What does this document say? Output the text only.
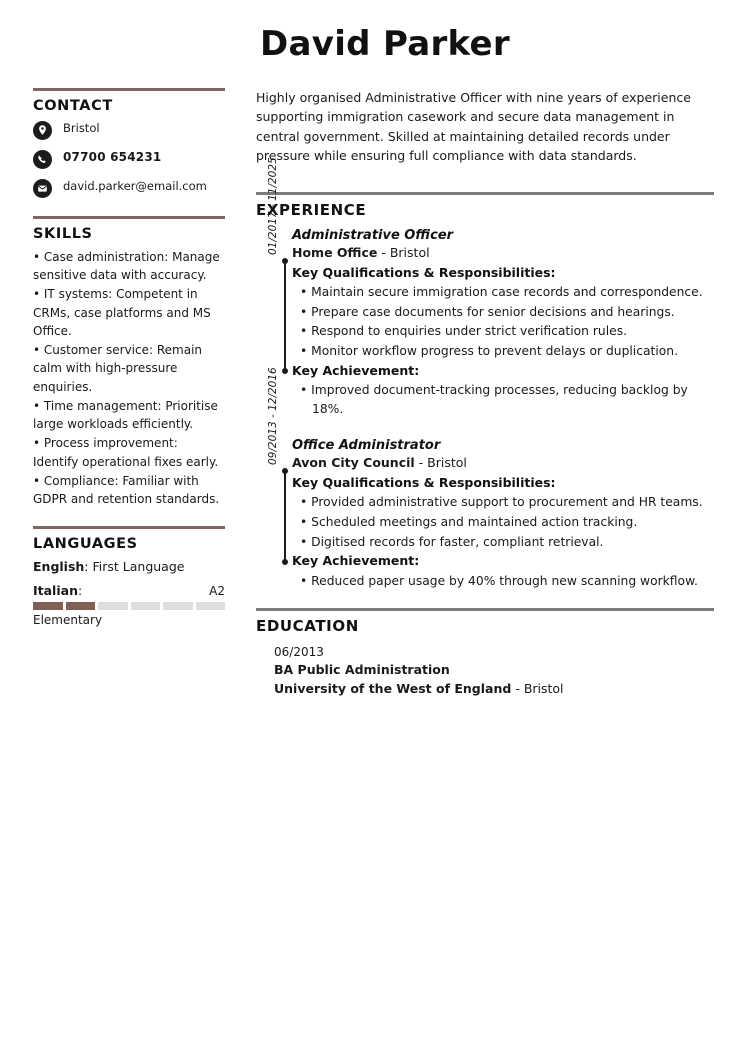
David Parker
CONTACT
Bristol
07700 654231
david.parker@email.com
SKILLS

• Case administration: Manage sensitive data with accuracy.

• IT systems: Competent in CRMs, case platforms and MS Office.

• Customer service: Remain calm with high-pressure enquiries.

• Time management: Prioritise large workloads efficiently.

• Process improvement: Identify operational fixes early.

• Compliance: Familiar with GDPR and retention standards.

LANGUAGES
English: First Language
Italian:	A2
Elementary

Highly organised Administrative Officer with nine years of experience supporting immigration casework and secure data management in central government. Skilled at maintaining detailed records under pressure while ensuring full compliance with data standards.

EXPERIENCE
01/2017 - 11/2025 Administrative Officer

Home Office - Bristol

Key Qualifications & Responsibilities:

• Maintain secure immigration case records and correspondence.

• Prepare case documents for senior decisions and hearings.

• Respond to enquiries under strict verification rules.

• Monitor workflow progress to prevent delays or duplication.

Key Achievement:

• Improved document-tracking processes, reducing backlog by 18%.

09/2013 - 12/2016 Office Administrator

Avon City Council - Bristol

Key Qualifications & Responsibilities:

• Provided administrative support to procurement and HR teams.

• Scheduled meetings and maintained action tracking.

• Digitised records for faster, compliant retrieval.

Key Achievement:

• Reduced paper usage by 40% through new scanning workflow.

EDUCATION

06/2013

BA Public Administration

University of the West of England - Bristol
